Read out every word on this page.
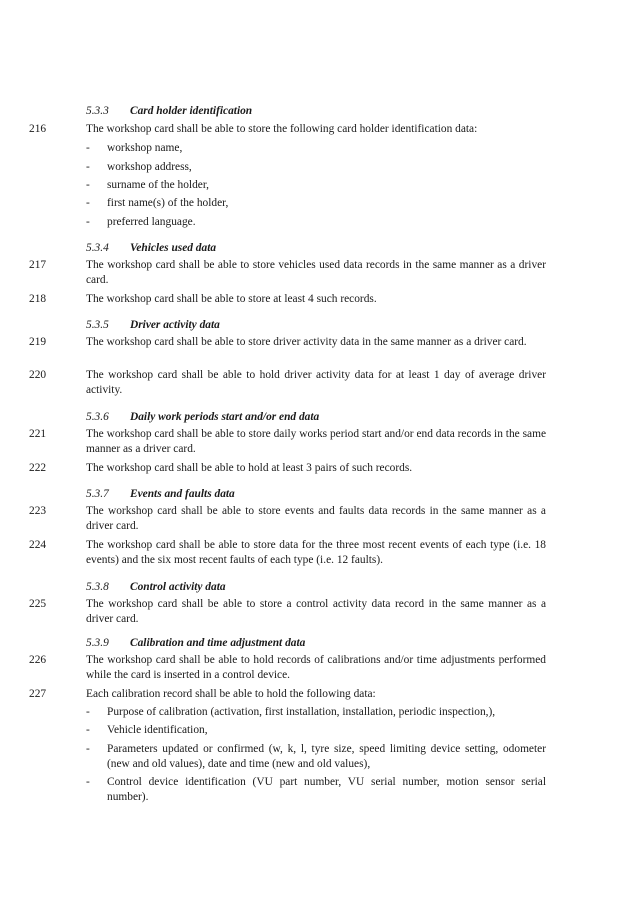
5.3.3 Card holder identification
216	The workshop card shall be able to store the following card holder identification data:
- workshop name,
- workshop address,
- surname of the holder,
- first name(s) of the holder,
- preferred language.
5.3.4 Vehicles used data
217	The workshop card shall be able to store vehicles used data records in the same manner as a driver card.
218	The workshop card shall be able to store at least 4 such records.
5.3.5 Driver activity data
219	The workshop card shall be able to store driver activity data in the same manner as a driver card.
220	The workshop card shall be able to hold driver activity data for at least 1 day of average driver activity.
5.3.6 Daily work periods start and/or end data
221	The workshop card shall be able to store daily works period start and/or end data records in the same manner as a driver card.
222	The workshop card shall be able to hold at least 3 pairs of such records.
5.3.7 Events and faults data
223	The workshop card shall be able to store events and faults data records in the same manner as a driver card.
224	The workshop card shall be able to store data for the three most recent events of each type (i.e. 18 events) and the six most recent faults of each type (i.e. 12 faults).
5.3.8 Control activity data
225	The workshop card shall be able to store a control activity data record in the same manner as a driver card.
5.3.9 Calibration and time adjustment data
226	The workshop card shall be able to hold records of calibrations and/or time adjustments performed while the card is inserted in a control device.
227	Each calibration record shall be able to hold the following data:
- Purpose of calibration (activation, first installation, installation, periodic inspection,),
- Vehicle identification,
- Parameters updated or confirmed (w, k, l, tyre size, speed limiting device setting, odometer (new and old values), date and time (new and old values),
- Control device identification (VU part number, VU serial number, motion sensor serial number).
